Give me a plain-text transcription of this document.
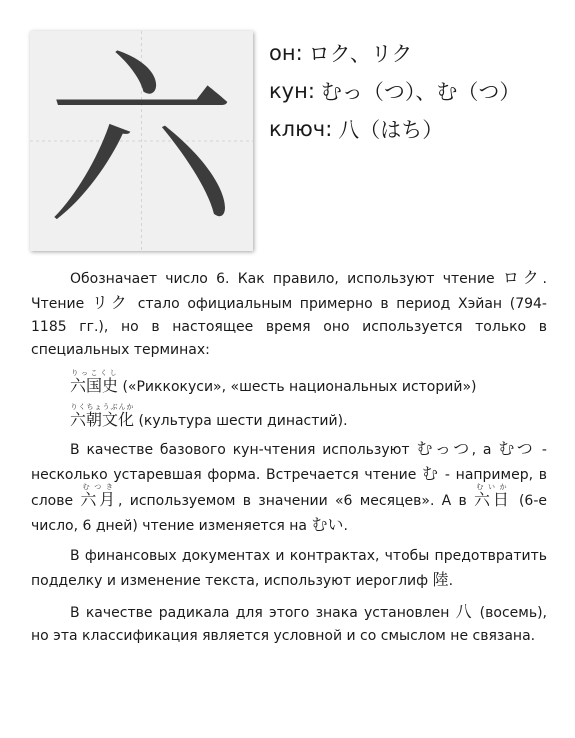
六 он: ロク、リク
кун: むっ（つ）、む（つ）
ключ: 八（はち）

Обозначает число 6. Как правило, используют чтение ロク. Чтение リク стало официальным примерно в период Хэйан (794-1185 гг.), но в настоящее время оно используется только в специальных терминах:

六国史りっこくし («Риккокуси», «шесть национальных историй»)
六朝文化りくちょうぶんか (культура шести династий).

В качестве базового кун-чтения используют むっつ, а むつ - несколько устаревшая форма. Встречается чтение む - например, в слове 六月むつき, используемом в значении «6 месяцев». А в 六日むいか (6-е число, 6 дней) чтение изменяется на むい.

В финансовых документах и контрактах, чтобы предотвратить подделку и изменение текста, используют иероглиф 陸.

В качестве радикала для этого знака установлен 八 (восемь), но эта классификация является условной и со смыслом не связана.
